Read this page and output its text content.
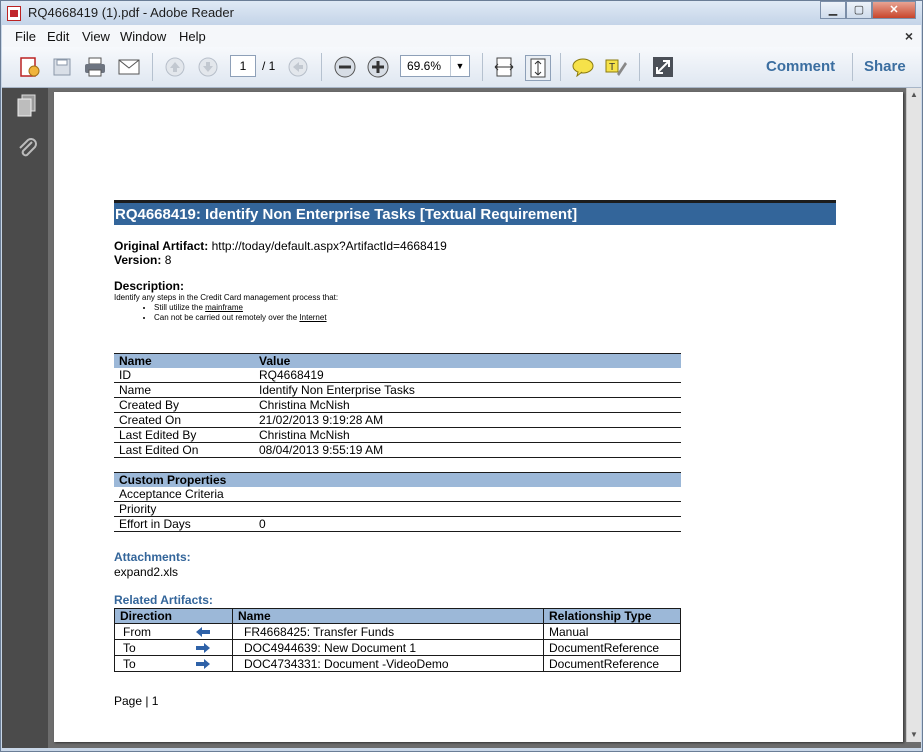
RQ4668419 (1).pdf - Adobe Reader	▁	▢	✕
File Edit View Window Help	×
1	/ 1	69.6%	▼	T	Comment Share
RQ4668419: Identify Non Enterprise Tasks [Textual Requirement]
Original Artifact: http://today/default.aspx?ArtifactId=4668419
Version: 8
Description:
Identify any steps in the Credit Card management process that:
• Still utilize the mainframe
• Can not be carried out remotely over the Internet
Name	Value
ID	RQ4668419
Name	Identify Non Enterprise Tasks
Created By	Christina McNish
Created On	21/02/2013 9:19:28 AM
Last Edited By	Christina McNish
Last Edited On	08/04/2013 9:55:19 AM
Custom Properties	
Acceptance Criteria	
Priority	
Effort in Days	0
Attachments:
expand2.xls
Related Artifacts:
Direction	Name	Relationship Type
From	FR4668425: Transfer Funds	Manual
To	DOC4944639: New Document 1	DocumentReference
To	DOC4734331: Document -VideoDemo	DocumentReference
Page | 1
▲
▼
